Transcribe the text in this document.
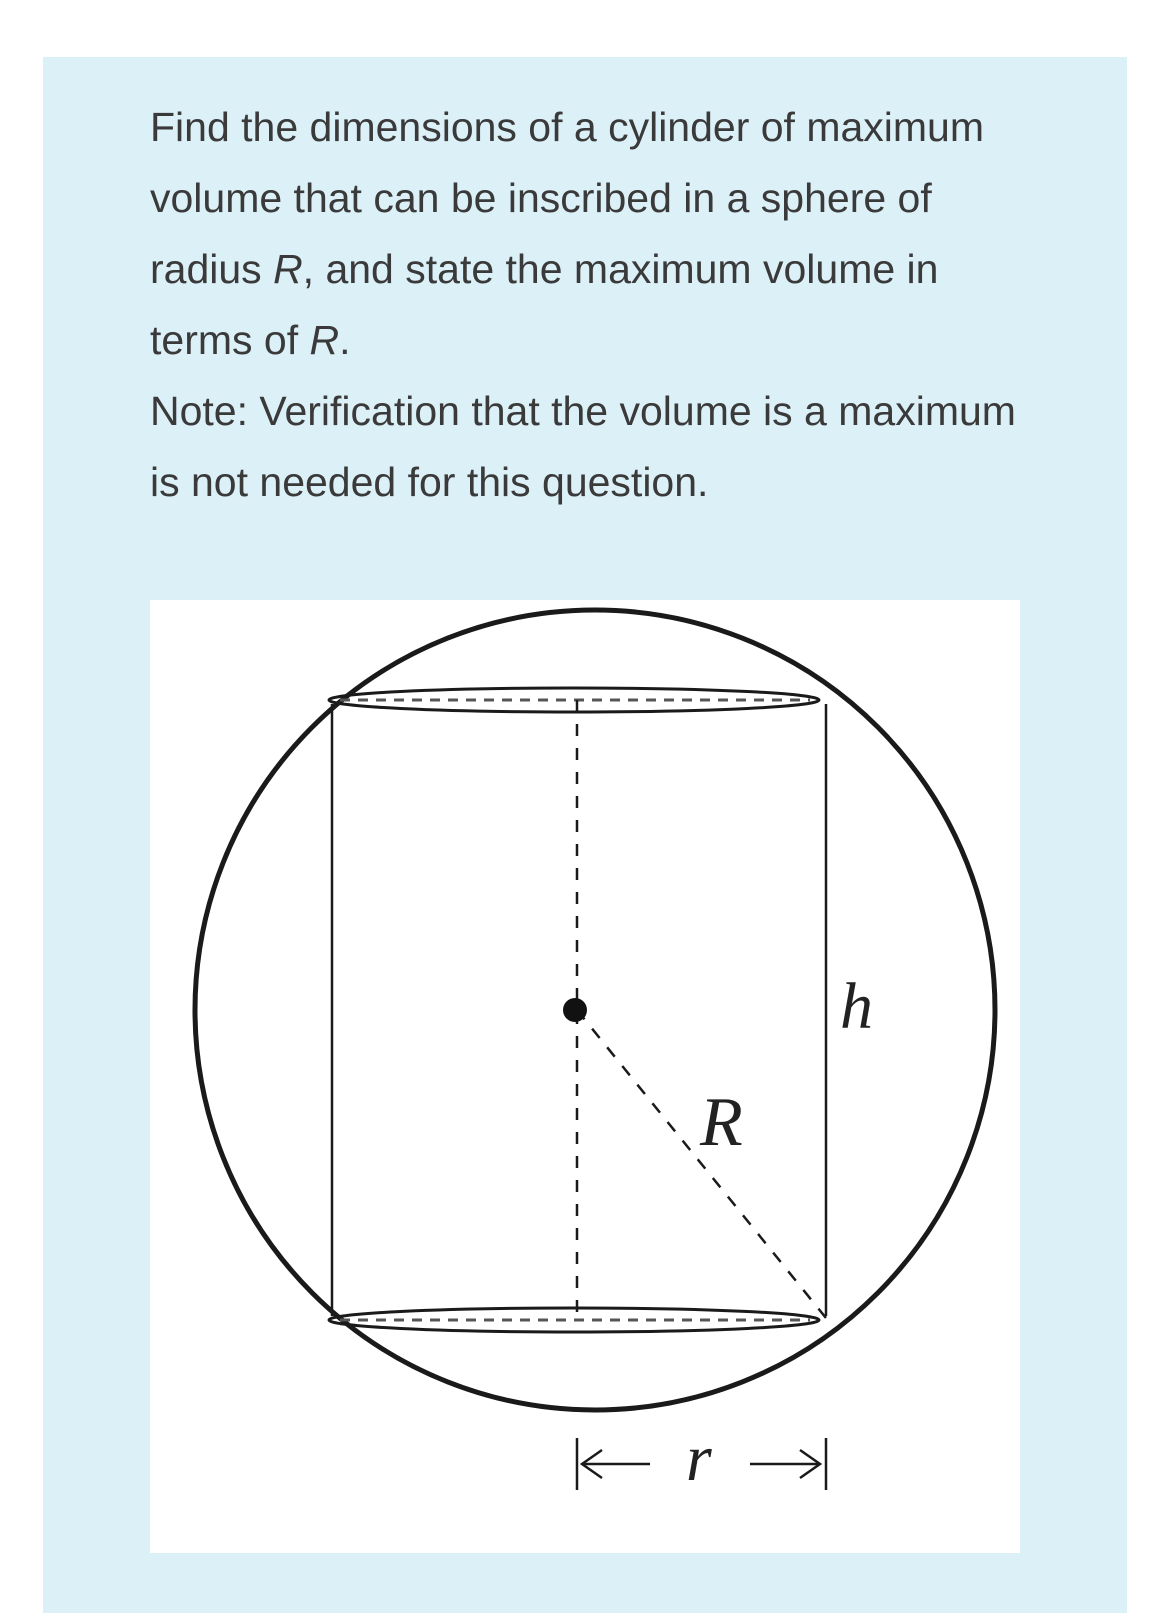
Find the dimensions of a cylinder of maximum volume that can be inscribed in a sphere of radius R, and state the maximum volume in terms of R.

Note: Verification that the volume is a maximum is not needed for this question.

h
R
r
